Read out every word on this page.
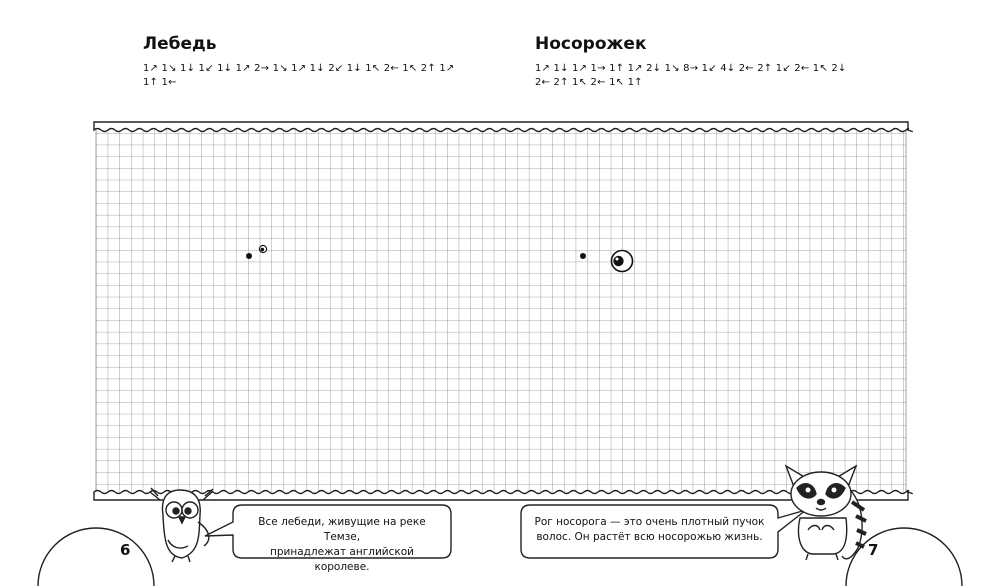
Лебедь
1↗ 1↘ 1↓ 1↙ 1↓ 1↗ 2→ 1↘ 1↗ 1↓ 2↙ 1↓ 1↖ 2← 1↖ 2↑ 1↗
1↑ 1←
Носорожек
1↗ 1↓ 1↗ 1→ 1↑ 1↗ 2↓ 1↘ 8→ 1↙ 4↓ 2← 2↑ 1↙ 2← 1↖ 2↓
2← 2↑ 1↖ 2← 1↖ 1↑
Все лебеди, живущие на реке Темзе,
принадлежат английской королеве.
Рог носорога — это очень плотный пучок
волос. Он растёт всю носорожью жизнь.
6	7
